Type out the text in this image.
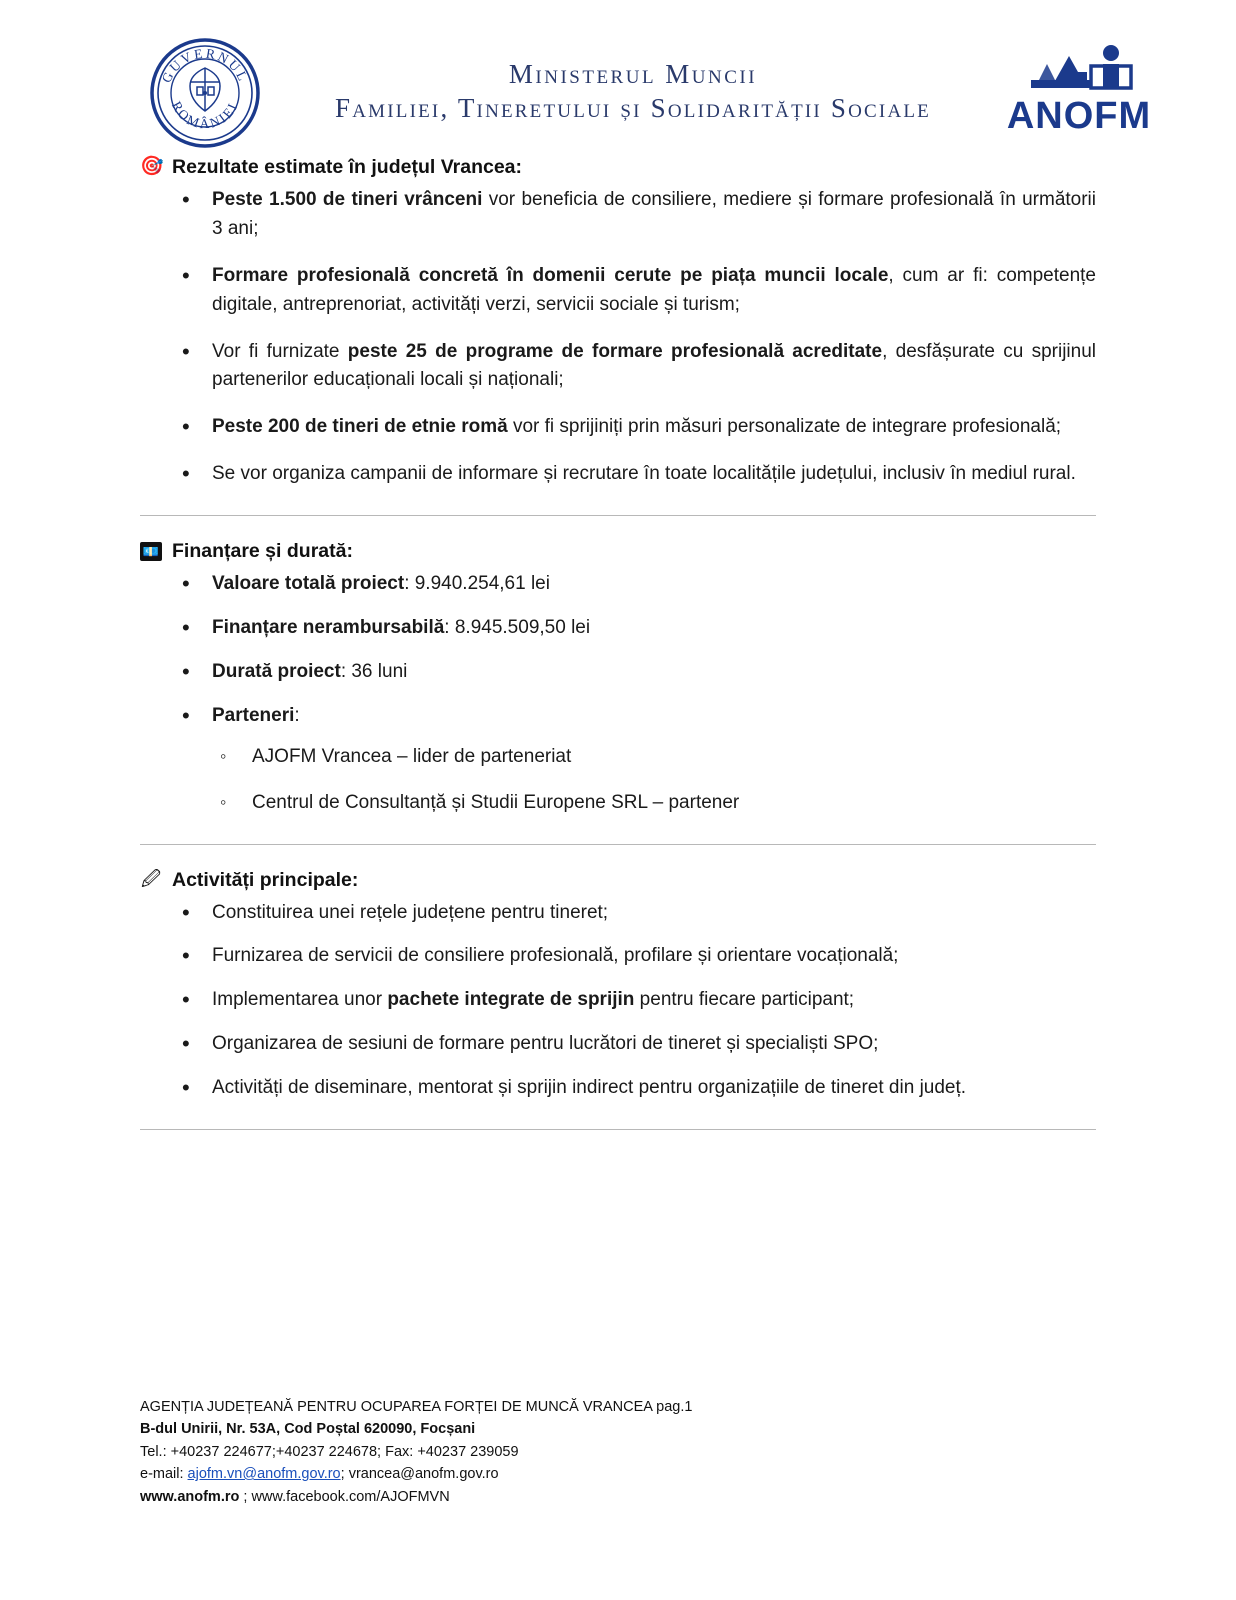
GUVERNUL
ROMÂNIEI
Ministerul Muncii
Familiei, Tineretului și Solidarității Sociale	ANOFM
🎯 Rezultate estimate în județul Vrancea:
• Peste 1.500 de tineri vrânceni vor beneficia de consiliere, mediere și formare profesională în următorii 3 ani;
• Formare profesională concretă în domenii cerute pe piața muncii locale, cum ar fi: competențe digitale, antreprenoriat, activități verzi, servicii sociale și turism;
• Vor fi furnizate peste 25 de programe de formare profesională acreditate, desfășurate cu sprijinul partenerilor educaționali locali și naționali;
• Peste 200 de tineri de etnie romă vor fi sprijiniți prin măsuri personalizate de integrare profesională;
• Se vor organiza campanii de informare și recrutare în toate localitățile județului, inclusiv în mediul rural.
💶 Finanțare și durată:
• Valoare totală proiect: 9.940.254,61 lei
• Finanțare nerambursabilă: 8.945.509,50 lei
• Durată proiect: 36 luni
• Parteneri:
◦ AJOFM Vrancea – lider de parteneriat
◦ Centrul de Consultanță și Studii Europene SRL – partener
🖉 Activități principale:
• Constituirea unei rețele județene pentru tineret;
• Furnizarea de servicii de consiliere profesională, profilare și orientare vocațională;
• Implementarea unor pachete integrate de sprijin pentru fiecare participant;
• Organizarea de sesiuni de formare pentru lucrători de tineret și specialiști SPO;
• Activități de diseminare, mentorat și sprijin indirect pentru organizațiile de tineret din județ.
AGENȚIA JUDEȚEANĂ PENTRU OCUPAREA FORȚEI DE MUNCĂ VRANCEA pag.1
B-dul Unirii, Nr. 53A, Cod Poștal 620090, Focșani
Tel.: +40237 224677;+40237 224678; Fax: +40237 239059
e-mail: ajofm.vn@anofm.gov.ro; vrancea@anofm.gov.ro
www.anofm.ro ; www.facebook.com/AJOFMVN
